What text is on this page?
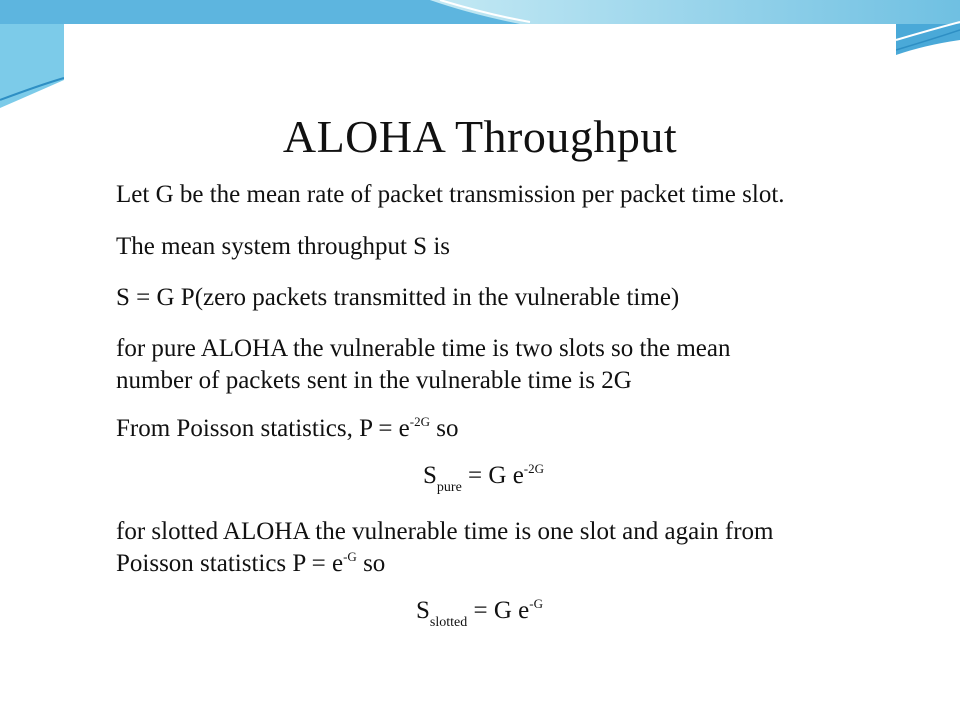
ALOHA Throughput
Let G be the mean rate of packet transmission per packet time slot.
The mean system throughput S is
S = G P(zero packets transmitted in the vulnerable time)
for pure ALOHA the vulnerable time is two slots so the mean
number of packets sent in the vulnerable time is 2G
From Poisson statistics, $P = e^{-2G}$ so
$S_{pure} = G$ $e^{-2G}$
for slotted ALOHA the vulnerable time is one slot and again from
Poisson statistics $P = e^{-G}$ so
$S_{slotted} = G$ $e^{-G}$
